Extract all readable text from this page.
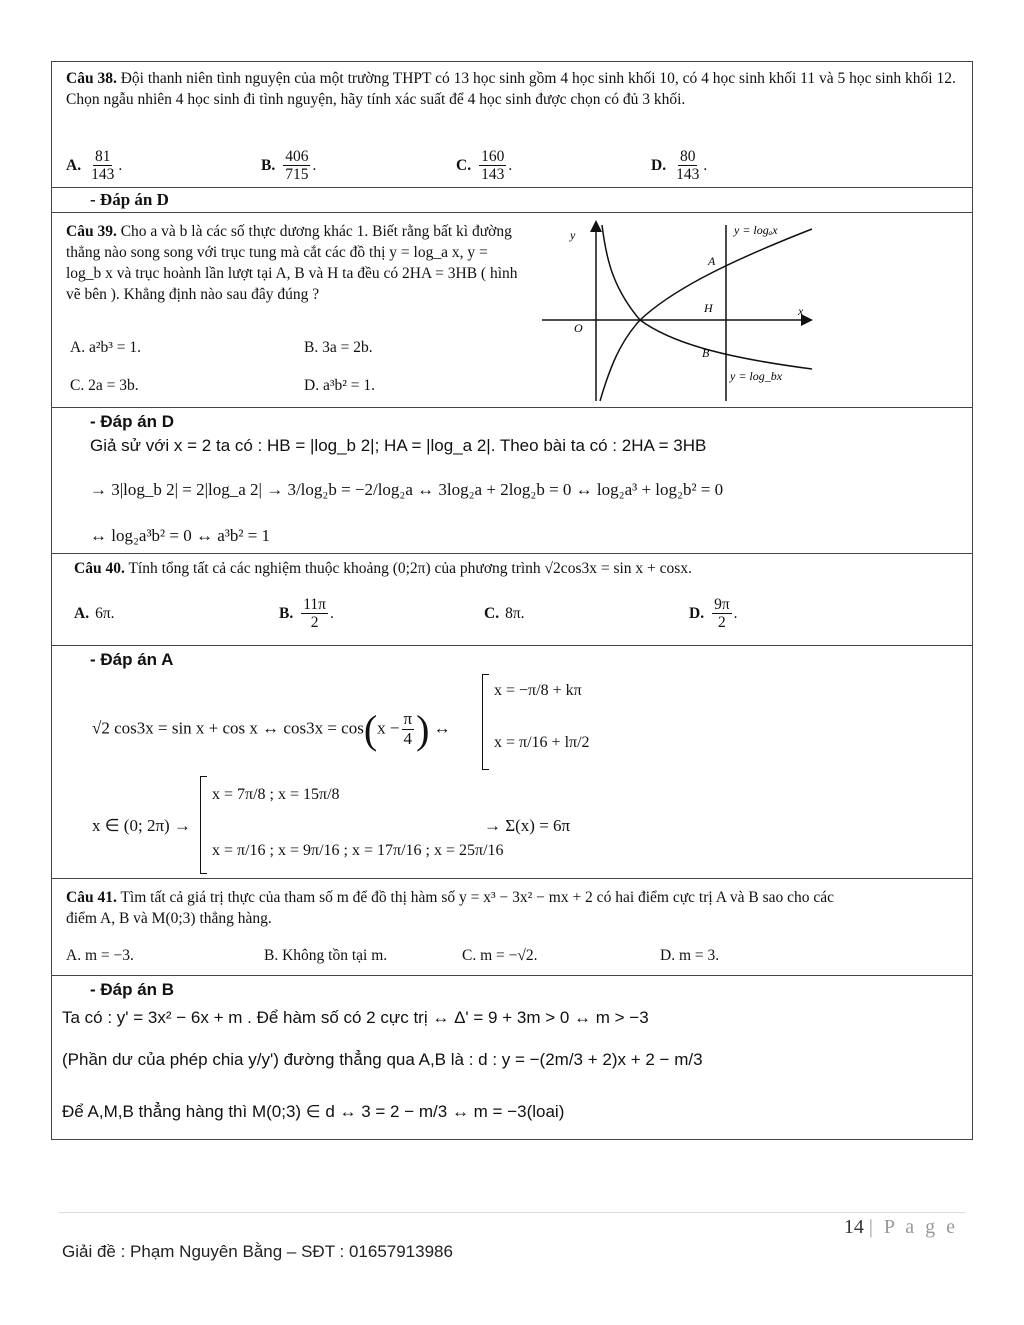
Câu 38. Đội thanh niên tình nguyện của một trường THPT có 13 học sinh gồm 4 học sinh khối 10, có 4 học sinh khối 11 và 5 học sinh khối 12. Chọn ngẫu nhiên 4 học sinh đi tình nguyện, hãy tính xác suất để 4 học sinh được chọn có đủ 3 khối.
A. $\frac{81}{143}$ .	B. $\frac{406}{715}$ .	C. $\frac{160}{143}$ .	D. $\frac{80}{143}$ .
- Đáp án D
Câu 39. Cho a và b là các số thực dương khác 1. Biết rằng bất kì đường thẳng nào song song với trục tung mà cắt các đồ thị y = log_a x, y = log_b x và trục hoành lần lượt tại A, B và H ta đều có 2HA = 3HB ( hình vẽ bên ). Khẳng định nào sau đây đúng ?
A. a²b³ = 1.	B. 3a = 2b.
C. 2a = 3b.	D. a³b² = 1.
y
x
O
A
H
B
y = logₐx
y = log_bx
- Đáp án D
Giả sử với x = 2 ta có : HB = |log_b 2|; HA = |log_a 2|. Theo bài ta có : 2HA = 3HB
→ 3|log_b 2| = 2|log_a 2| → 3/log₂b = −2/log₂a ↔ 3log₂a + 2log₂b = 0 ↔ log₂a³ + log₂b² = 0
↔ log₂a³b² = 0 ↔ a³b² = 1
Câu 40. Tính tổng tất cả các nghiệm thuộc khoảng (0;2π) của phương trình √2cos3x = sin x + cosx.
A. 6π.	B. $\frac{11\pi}{2}$ .	C. 8π.	D. $\frac{9\pi}{2}$ .
- Đáp án A
√2 cos3x = sin x + cos x ↔ $\cos 3x = \cos(x - \frac{\pi}{4}$ ) ↔
x = −π/8 + kπ
x = π/16 + lπ/2
x ∈ (0; 2π) →
x = 7π/8 ; x = 15π/8
x = π/16 ; x = 9π/16 ; x = 17π/16 ; x = 25π/16
→ Σ(x) = 6π
Câu 41. Tìm tất cả giá trị thực của tham số m để đồ thị hàm số y = x³ − 3x² − mx + 2 có hai điểm cực trị A và B sao cho các điểm A, B và M(0;3) thẳng hàng.
A. m = −3.	B. Không tồn tại m.	C. m = −√2.	D. m = 3.
- Đáp án B
Ta có : y' = 3x² − 6x + m . Để hàm số có 2 cực trị ↔ Δ' = 9 + 3m > 0 ↔ m > −3
(Phần dư của phép chia y/y') đường thẳng qua A,B là : d : y = −(2m/3 + 2)x + 2 − m/3
Để A,M,B thẳng hàng thì M(0;3) ∈ d ↔ 3 = 2 − m/3 ↔ m = −3(loai)
14 | P a g e
Giải đề : Phạm Nguyên Bằng – SĐT : 01657913986
